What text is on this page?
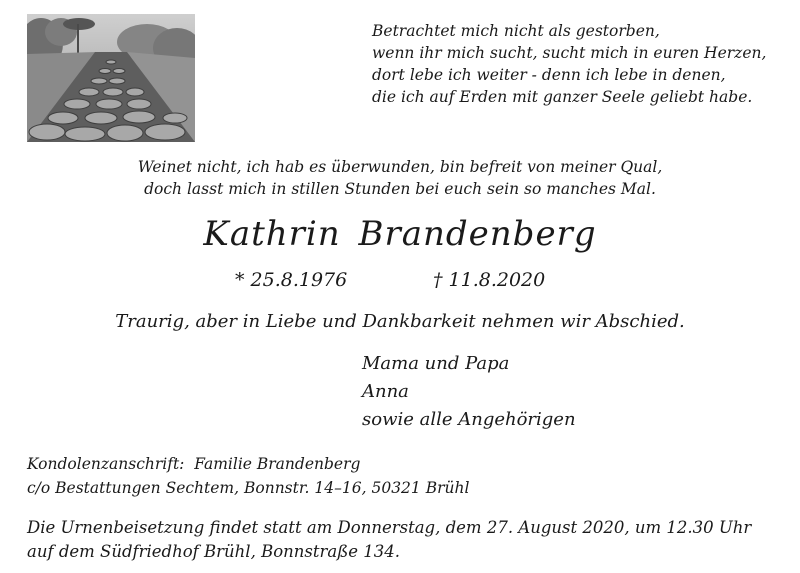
Betrachtet mich nicht als gestorben,
wenn ihr mich sucht, sucht mich in euren Herzen,
dort lebe ich weiter - denn ich lebe in denen,
die ich auf Erden mit ganzer Seele geliebt habe.
Weinet nicht, ich hab es überwunden, bin befreit von meiner Qual,
doch lasst mich in stillen Stunden bei euch sein so manches Mal.
Kathrin Brandenberg
* 25.8.1976	† 11.8.2020
Traurig, aber in Liebe und Dankbarkeit nehmen wir Abschied.
Mama und Papa
Anna
sowie alle Angehörigen
Kondolenzanschrift:  Familie Brandenberg
c/o Bestattungen Sechtem, Bonnstr. 14–16, 50321 Brühl
Die Urnenbeisetzung findet statt am Donnerstag, dem 27. August 2020, um 12.30 Uhr
auf dem Südfriedhof Brühl, Bonnstraße 134.
